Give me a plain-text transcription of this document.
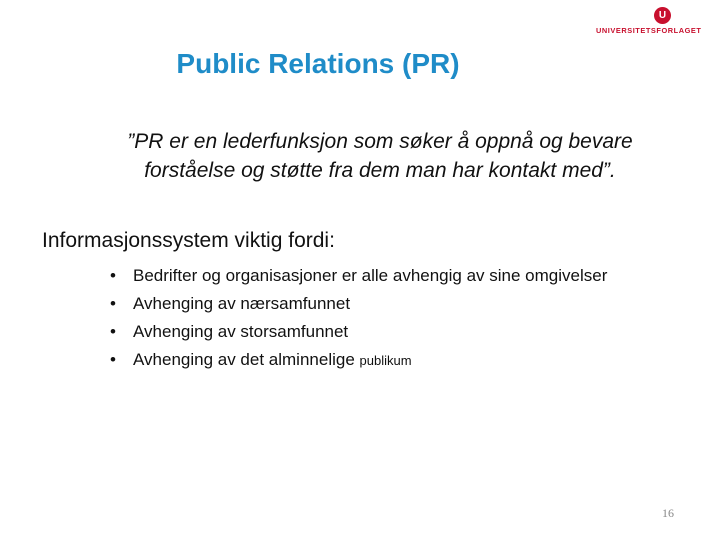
U
UNIVERSITETSFORLAGET
Public Relations (PR)
”PR er en lederfunksjon som søker å oppnå og bevare
forståelse og støtte fra dem man har kontakt med”.
Informasjonssystem viktig fordi:
• Bedrifter og organisasjoner er alle avhengig av sine omgivelser
• Avhenging av nærsamfunnet
• Avhenging av storsamfunnet
• Avhenging av det alminnelige publikum
16
